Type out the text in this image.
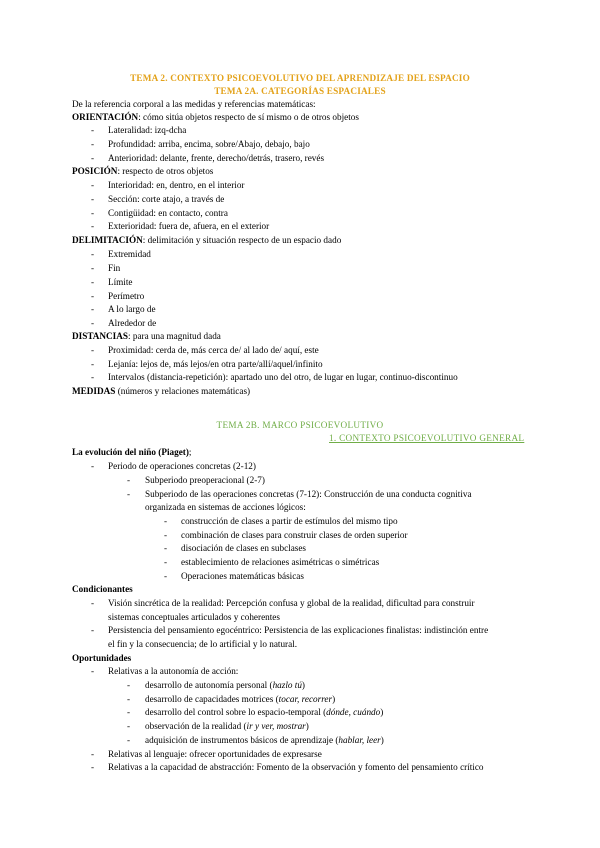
TEMA 2. CONTEXTO PSICOEVOLUTIVO DEL APRENDIZAJE DEL ESPACIO
TEMA 2A. CATEGORÍAS ESPACIALES
De la referencia corporal a las medidas y referencias matemáticas:
ORIENTACIÓN: cómo sitúa objetos respecto de sí mismo o de otros objetos
- Lateralidad: izq-dcha
- Profundidad: arriba, encima, sobre/Abajo, debajo, bajo
- Anterioridad: delante, frente, derecho/detrás, trasero, revés
POSICIÓN: respecto de otros objetos
- Interioridad: en, dentro, en el interior
- Sección: corte atajo, a través de
- Contigüidad: en contacto, contra
- Exterioridad: fuera de, afuera, en el exterior
DELIMITACIÓN: delimitación y situación respecto de un espacio dado
- Extremidad
- Fin
- Límite
- Perímetro
- A lo largo de
- Alrededor de
DISTANCIAS: para una magnitud dada
- Proximidad: cerda de, más cerca de/ al lado de/ aquí, este
- Lejanía: lejos de, más lejos/en otra parte/allí/aquel/infinito
- Intervalos (distancia-repetición): apartado uno del otro, de lugar en lugar, continuo-discontinuo
MEDIDAS (números y relaciones matemáticas)
TEMA 2B. MARCO PSICOEVOLUTIVO
1. CONTEXTO PSICOEVOLUTIVO GENERAL
La evolución del niño (Piaget);
- Periodo de operaciones concretas (2-12)
- Subperiodo preoperacional (2-7)
- Subperiodo de las operaciones concretas (7-12): Construcción de una conducta cognitiva
organizada en sistemas de acciones lógicos:
- construcción de clases a partir de estímulos del mismo tipo
- combinación de clases para construir clases de orden superior
- disociación de clases en subclases
- establecimiento de relaciones asimétricas o simétricas
- Operaciones matemáticas básicas
Condicionantes
- Visión sincrética de la realidad: Percepción confusa y global de la realidad, dificultad para construir
sistemas conceptuales articulados y coherentes
- Persistencia del pensamiento egocéntrico: Persistencia de las explicaciones finalistas: indistinción entre
el fin y la consecuencia; de lo artificial y lo natural.
Oportunidades
- Relativas a la autonomía de acción:
- desarrollo de autonomía personal (hazlo tú)
- desarrollo de capacidades motrices (tocar, recorrer)
- desarrollo del control sobre lo espacio-temporal (dónde, cuándo)
- observación de la realidad (ir y ver, mostrar)
- adquisición de instrumentos básicos de aprendizaje (hablar, leer)
- Relativas al lenguaje: ofrecer oportunidades de expresarse
- Relativas a la capacidad de abstracción: Fomento de la observación y fomento del pensamiento crítico
